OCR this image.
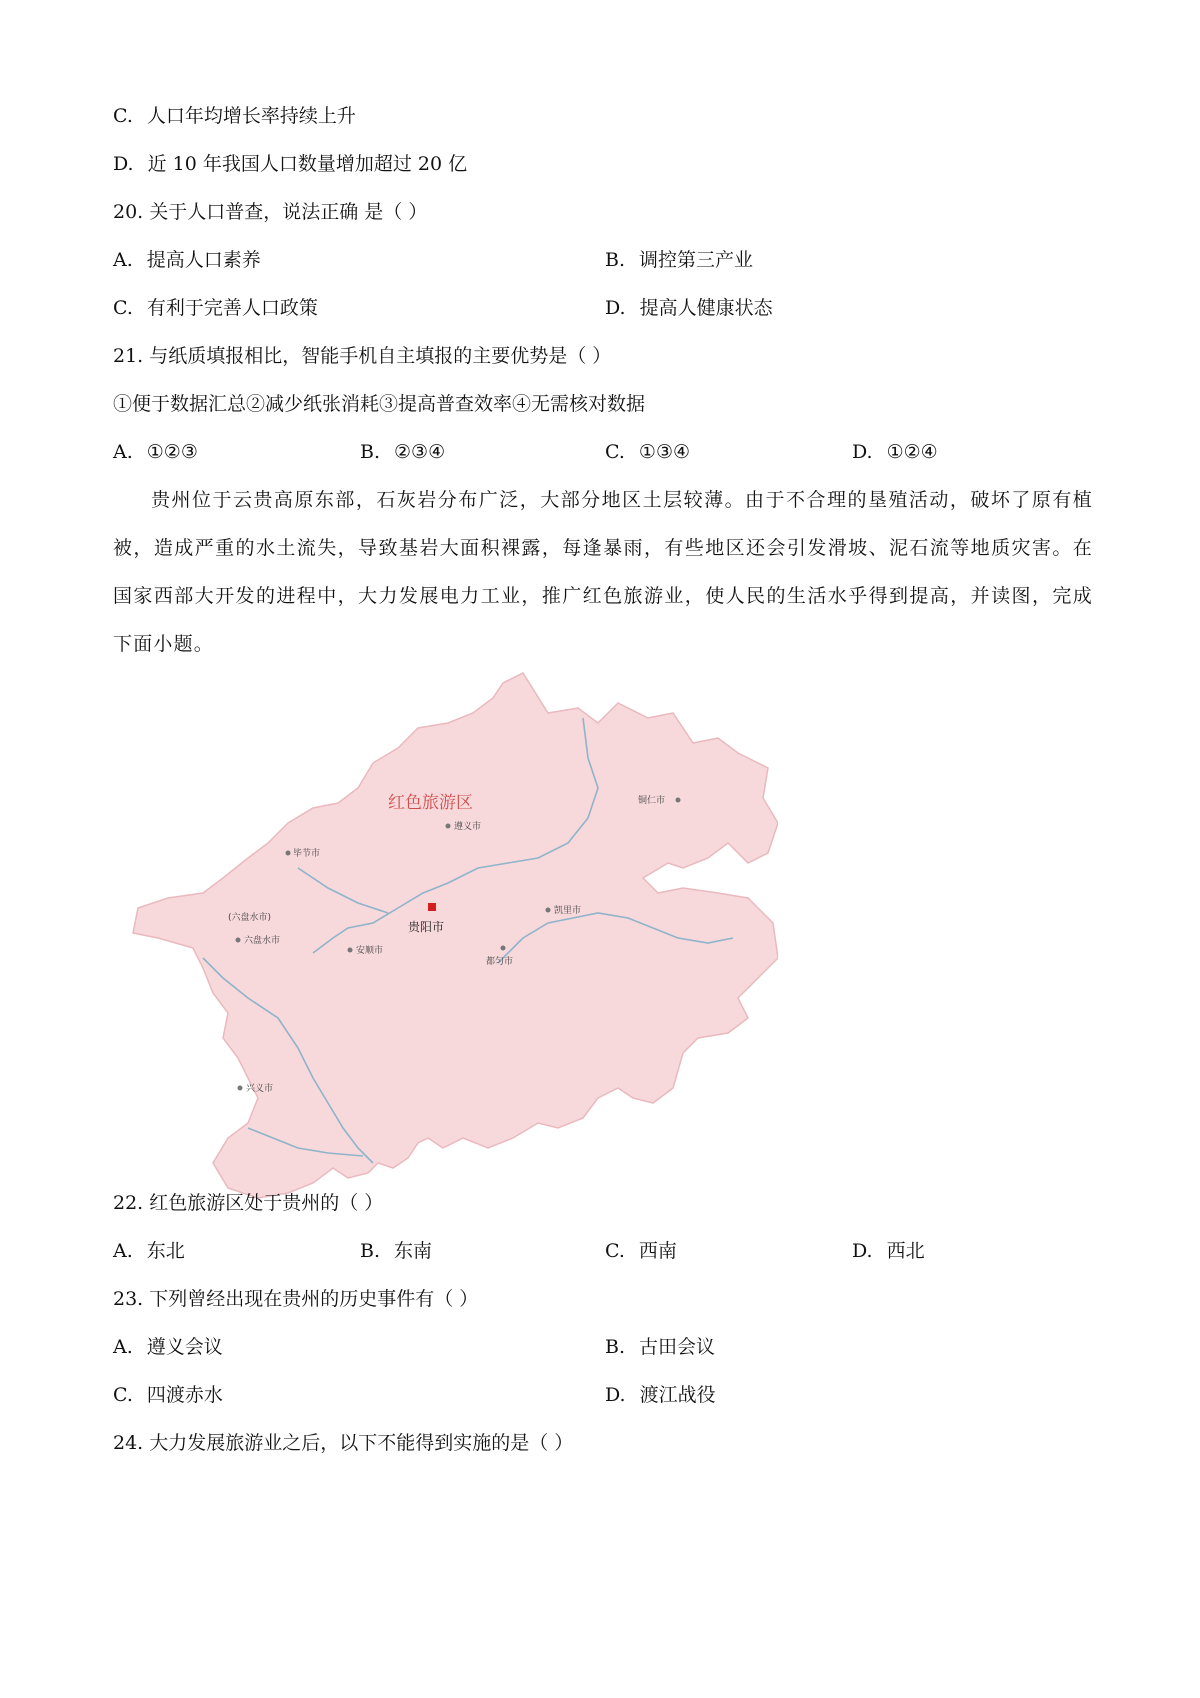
C. 人口年均增长率持续上升
D. 近 10 年我国人口数量增加超过 20 亿
20. 关于人口普查，说法正确 是（ ）
A. 提高人口素养	B. 调控第三产业
C. 有利于完善人口政策	D. 提高人健康状态
21. 与纸质填报相比，智能手机自主填报的主要优势是（ ）
①便于数据汇总②减少纸张消耗③提高普查效率④无需核对数据
A. ①②③	B. ②③④	C. ①③④	D. ①②④
贵州位于云贵高原东部，石灰岩分布广泛，大部分地区土层较薄。由于不合理的垦殖活动，破坏了原有植被，造成严重的水土流失，导致基岩大面积裸露，每逢暴雨，有些地区还会引发滑坡、泥石流等地质灾害。在国家西部大开发的进程中，大力发展电力工业，推广红色旅游业，使人民的生活水乎得到提高，并读图，完成下面小题。
红色旅游区
贵阳市
遵义市
铜仁市
毕节市
(六盘水市)
六盘水市
安顺市
凯里市
都匀市
兴义市
22. 红色旅游区处于贵州的（ ）
A. 东北	B. 东南	C. 西南	D. 西北
23. 下列曾经出现在贵州的历史事件有（ ）
A. 遵义会议	B. 古田会议
C. 四渡赤水	D. 渡江战役
24. 大力发展旅游业之后，以下不能得到实施的是（ ）
